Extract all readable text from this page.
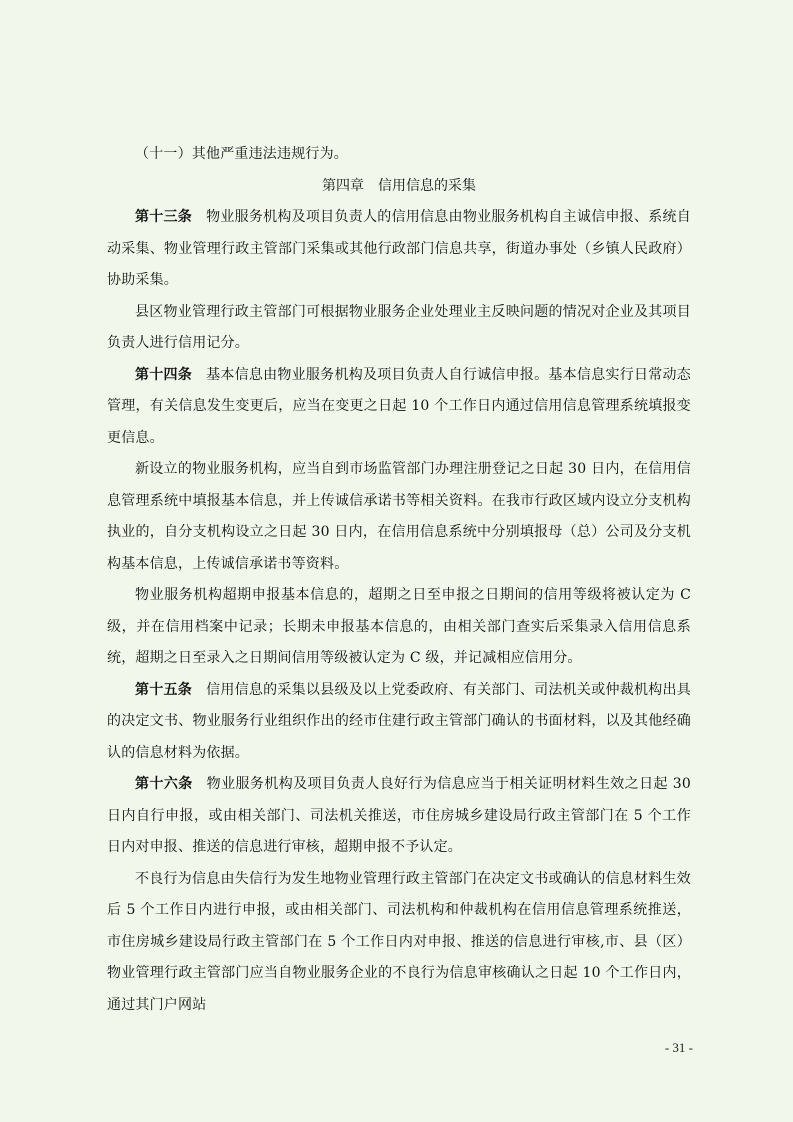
（十一）其他严重违法违规行为。

第四章　信用信息的采集

第十三条 物业服务机构及项目负责人的信用信息由物业服务机构自主诚信申报、系统自动采集、物业管理行政主管部门采集或其他行政部门信息共享，街道办事处（乡镇人民政府）协助采集。

县区物业管理行政主管部门可根据物业服务企业处理业主反映问题的情况对企业及其项目负责人进行信用记分。

第十四条 基本信息由物业服务机构及项目负责人自行诚信申报。基本信息实行日常动态管理，有关信息发生变更后，应当在变更之日起 10 个工作日内通过信用信息管理系统填报变更信息。

新设立的物业服务机构，应当自到市场监管部门办理注册登记之日起 30 日内，在信用信息管理系统中填报基本信息，并上传诚信承诺书等相关资料。在我市行政区域内设立分支机构执业的，自分支机构设立之日起 30 日内，在信用信息系统中分别填报母（总）公司及分支机构基本信息，上传诚信承诺书等资料。

物业服务机构超期申报基本信息的，超期之日至申报之日期间的信用等级将被认定为 C 级，并在信用档案中记录；长期未申报基本信息的，由相关部门查实后采集录入信用信息系统，超期之日至录入之日期间信用等级被认定为 C 级，并记减相应信用分。

第十五条 信用信息的采集以县级及以上党委政府、有关部门、司法机关或仲裁机构出具的决定文书、物业服务行业组织作出的经市住建行政主管部门确认的书面材料，以及其他经确认的信息材料为依据。

第十六条 物业服务机构及项目负责人良好行为信息应当于相关证明材料生效之日起 30 日内自行申报，或由相关部门、司法机关推送，市住房城乡建设局行政主管部门在 5 个工作日内对申报、推送的信息进行审核，超期申报不予认定。

不良行为信息由失信行为发生地物业管理行政主管部门在决定文书或确认的信息材料生效后 5 个工作日内进行申报，或由相关部门、司法机构和仲裁机构在信用信息管理系统推送，市住房城乡建设局行政主管部门在 5 个工作日内对申报、推送的信息进行审核,市、县（区）物业管理行政主管部门应当自物业服务企业的不良行为信息审核确认之日起 10 个工作日内，通过其门户网站

- 31 -
